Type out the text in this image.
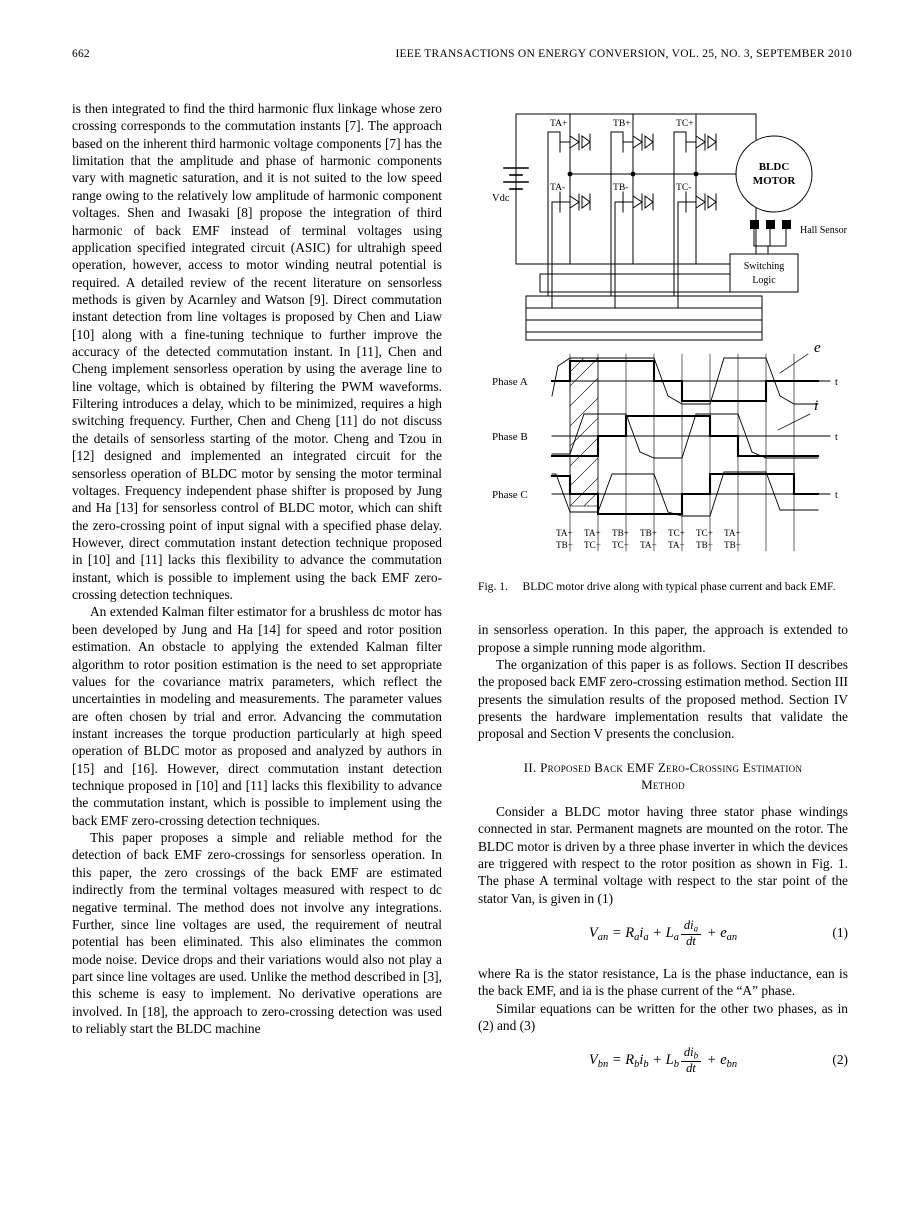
662	IEEE TRANSACTIONS ON ENERGY CONVERSION, VOL. 25, NO. 3, SEPTEMBER 2010

is then integrated to find the third harmonic flux linkage whose zero crossing corresponds to the commutation instants [7]. The approach based on the inherent third harmonic voltage components [7] has the limitation that the amplitude and phase of harmonic components vary with magnetic saturation, and it is not suited to the low speed range owing to the relatively low amplitude of harmonic component voltages. Shen and Iwasaki [8] propose the integration of third harmonic of back EMF instead of terminal voltages using application specified integrated circuit (ASIC) for ultrahigh speed operation, however, access to motor winding neutral potential is required. A detailed review of the recent literature on sensorless methods is given by Acarnley and Watson [9]. Direct commutation instant detection from line voltages is proposed by Chen and Liaw [10] along with a fine-tuning technique to further improve the accuracy of the detected commutation instant. In [11], Chen and Cheng implement sensorless operation by using the average line to line voltage, which is obtained by filtering the PWM waveforms. Filtering introduces a delay, which to be minimized, requires a high switching frequency. Further, Chen and Cheng [11] do not discuss the details of sensorless starting of the motor. Cheng and Tzou in [12] designed and implemented an integrated circuit for the sensorless operation of BLDC motor by sensing the motor terminal voltages. Frequency independent phase shifter is proposed by Jung and Ha [13] for sensorless control of BLDC motor, which can shift the zero-crossing point of input signal with a specified phase delay. However, direct commutation instant detection technique proposed in [10] and [11] lacks this flexibility to advance the commutation instant, which is possible to implement using the back EMF zero-crossing detection techniques.

An extended Kalman filter estimator for a brushless dc motor has been developed by Jung and Ha [14] for speed and rotor position estimation. An obstacle to applying the extended Kalman filter algorithm to rotor position estimation is the need to set appropriate values for the covariance matrix parameters, which reflect the uncertainties in modeling and measurements. The parameter values are often chosen by trial and error. Advancing the commutation instant increases the torque production particularly at high speed operation of BLDC motor as proposed and analyzed by authors in [15] and [16]. However, direct commutation instant detection technique proposed in [10] and [11] lacks this flexibility to advance the commutation instant, which is possible to implement using the back EMF zero-crossing detection techniques.

This paper proposes a simple and reliable method for the detection of back EMF zero-crossings for sensorless operation. In this paper, the zero crossings of the back EMF are estimated indirectly from the terminal voltages measured with respect to dc negative terminal. The method does not involve any integrations. Further, since line voltages are used, the requirement of neutral potential has been eliminated. This also eliminates the common mode noise. Device drops and their variations would also not play a part since line voltages are used. Unlike the method described in [3], this scheme is easy to implement. No derivative operations are involved. In [18], the approach to zero-crossing detection was used to reliably start the BLDC machine

Vdc
BLDC
MOTOR
Hall Sensor
Switching
Logic
TA+	TB+	TC+
TA-	TB-	TC-
t
Phase A
e
t
Phase B
i
t
Phase C
TA+ TA+ TB+ TB+ TC+ TC+ TA+
TB− TC− TC− TA− TA− TB− TB−
Fig. 1. BLDC motor drive along with typical phase current and back EMF.

in sensorless operation. In this paper, the approach is extended to propose a simple running mode algorithm.

The organization of this paper is as follows. Section II describes the proposed back EMF zero-crossing estimation method. Section III presents the simulation results of the proposed method. Section IV presents the hardware implementation results that validate the proposal and Section V presents the conclusion.

II. Proposed Back EMF Zero-Crossing Estimation
Method

Consider a BLDC motor having three stator phase windings connected in star. Permanent magnets are mounted on the rotor. The BLDC motor is driven by a three phase inverter in which the devices are triggered with respect to the rotor position as shown in Fig. 1. The phase A terminal voltage with respect to the star point of the stator Van, is given in (1)

$V_{an} = R_ai_a + L_a \frac{di_a}{dt} + e_{an}$	(1)

where Ra is the stator resistance, La is the phase inductance, ean is the back EMF, and ia is the phase current of the “A” phase.

Similar equations can be written for the other two phases, as in (2) and (3)

$V_{bn} = R_bi_b + L_b \frac{di_b}{dt} + e_{bn}$	(2)
